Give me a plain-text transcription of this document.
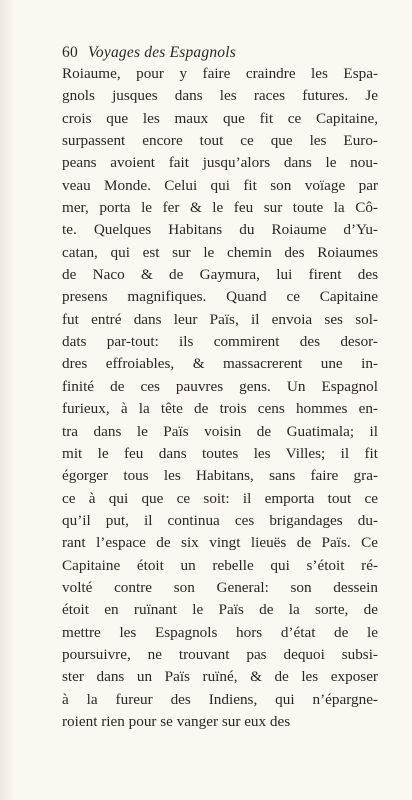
60 Voyages des Espagnols
Roiaume, pour y faire craindre les Espa-
gnols jusques dans les races futures. Je
crois que les maux que fit ce Capitaine,
surpassent encore tout ce que les Euro-
peans avoient fait jusqu’alors dans le nou-
veau Monde. Celui qui fit son voïage par
mer, porta le fer & le feu sur toute la Cô-
te. Quelques Habitans du Roiaume d’Yu-
catan, qui est sur le chemin des Roiaumes
de Naco & de Gaymura, lui firent des
presens magnifiques. Quand ce Capitaine
fut entré dans leur Païs, il envoia ses sol-
dats par-tout: ils commirent des desor-
dres effroiables, & massacrerent une in-
finité de ces pauvres gens. Un Espagnol
furieux, à la tête de trois cens hommes en-
tra dans le Païs voisin de Guatimala; il
mit le feu dans toutes les Villes; il fit
égorger tous les Habitans, sans faire gra-
ce à qui que ce soit: il emporta tout ce
qu’il put, il continua ces brigandages du-
rant l’espace de six vingt lieuës de Païs. Ce
Capitaine étoit un rebelle qui s’étoit ré-
volté contre son General: son dessein
étoit en ruïnant le Païs de la sorte, de
mettre les Espagnols hors d’état de le
poursuivre, ne trouvant pas dequoi subsi-
ster dans un Païs ruïné, & de les exposer
à la fureur des Indiens, qui n’épargne-
roient rien pour se vanger sur eux des
